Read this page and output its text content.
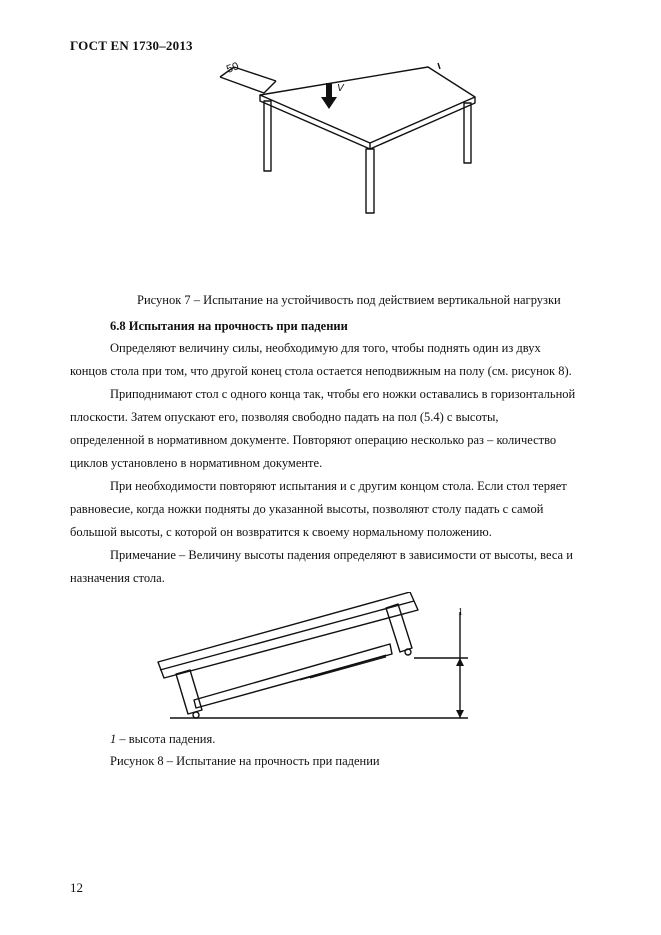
ГОСТ EN 1730–2013
50
V
Рисунок 7 – Испытание на устойчивость под действием вертикальной нагрузки
6.8 Испытания на прочность при падении
Определяют величину силы, необходимую для того, чтобы поднять один из двух
концов стола при том, что другой конец стола остается неподвижным на полу (см. рисунок 8).
Приподнимают стол с одного конца так, чтобы его ножки оставались в горизонтальной
плоскости. Затем опускают его, позволяя свободно падать на пол (5.4) с высоты,
определенной в нормативном документе. Повторяют операцию несколько раз – количество
циклов установлено в нормативном документе.
При необходимости повторяют испытания и с другим концом стола. Если стол теряет
равновесие, когда ножки подняты до указанной высоты, позволяют столу падать с самой
большой высоты, с которой он возвратится к своему нормальному положению.
Примечание – Величину высоты падения определяют в зависимости от высоты, веса и
назначения стола.
1
1 – высота падения.
Рисунок 8 – Испытание на прочность при падении
12
